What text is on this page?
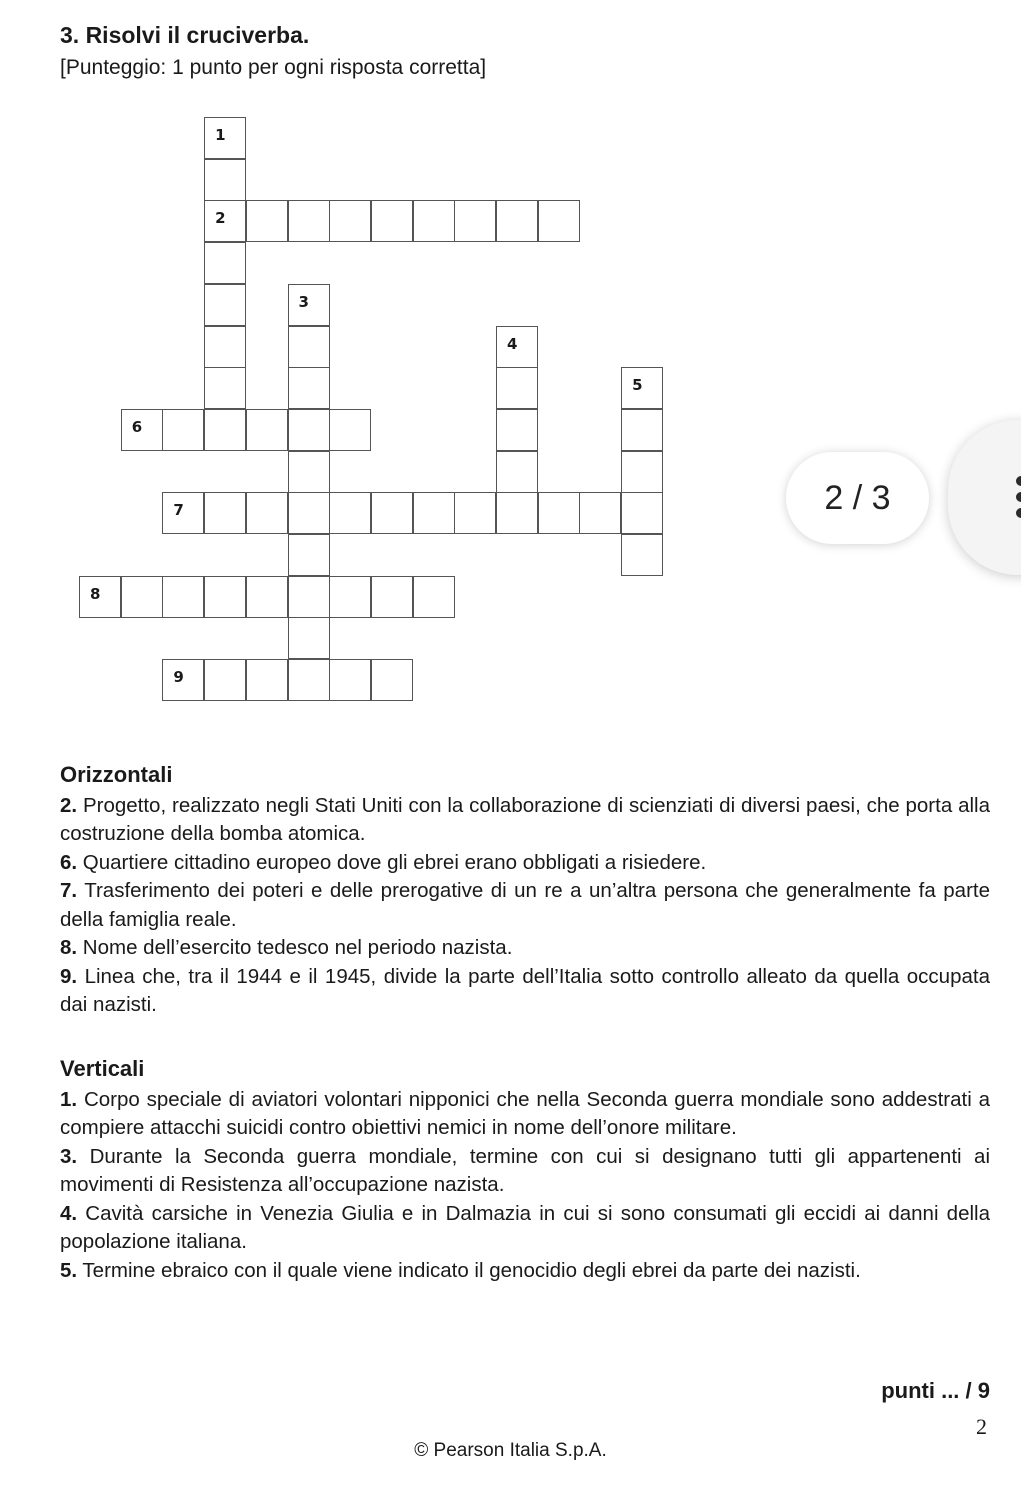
3. Risolvi il cruciverba.

[Punteggio: 1 punto per ogni risposta corretta]

1
2
3
4
5
6
7
8
9
2 / 3
Orizzontali

2. Progetto, realizzato negli Stati Uniti con la collaborazione di scienziati di diversi paesi, che porta alla costruzione della bomba atomica.

6. Quartiere cittadino europeo dove gli ebrei erano obbligati a risiedere.

7. Trasferimento dei poteri e delle prerogative di un re a un’altra persona che generalmente fa parte della famiglia reale.

8. Nome dell’esercito tedesco nel periodo nazista.

9. Linea che, tra il 1944 e il 1945, divide la parte dell’Italia sotto controllo alleato da quella occupata dai nazisti.

Verticali

1. Corpo speciale di aviatori volontari nipponici che nella Seconda guerra mondiale sono addestrati a compiere attacchi suicidi contro obiettivi nemici in nome dell’onore militare.

3. Durante la Seconda guerra mondiale, termine con cui si designano tutti gli appartenenti ai movimenti di Resistenza all’occupazione nazista.

4. Cavità carsiche in Venezia Giulia e in Dalmazia in cui si sono consumati gli eccidi ai danni della popolazione italiana.

5. Termine ebraico con il quale viene indicato il genocidio degli ebrei da parte dei nazisti.

punti ... / 9
2
© Pearson Italia S.p.A.
